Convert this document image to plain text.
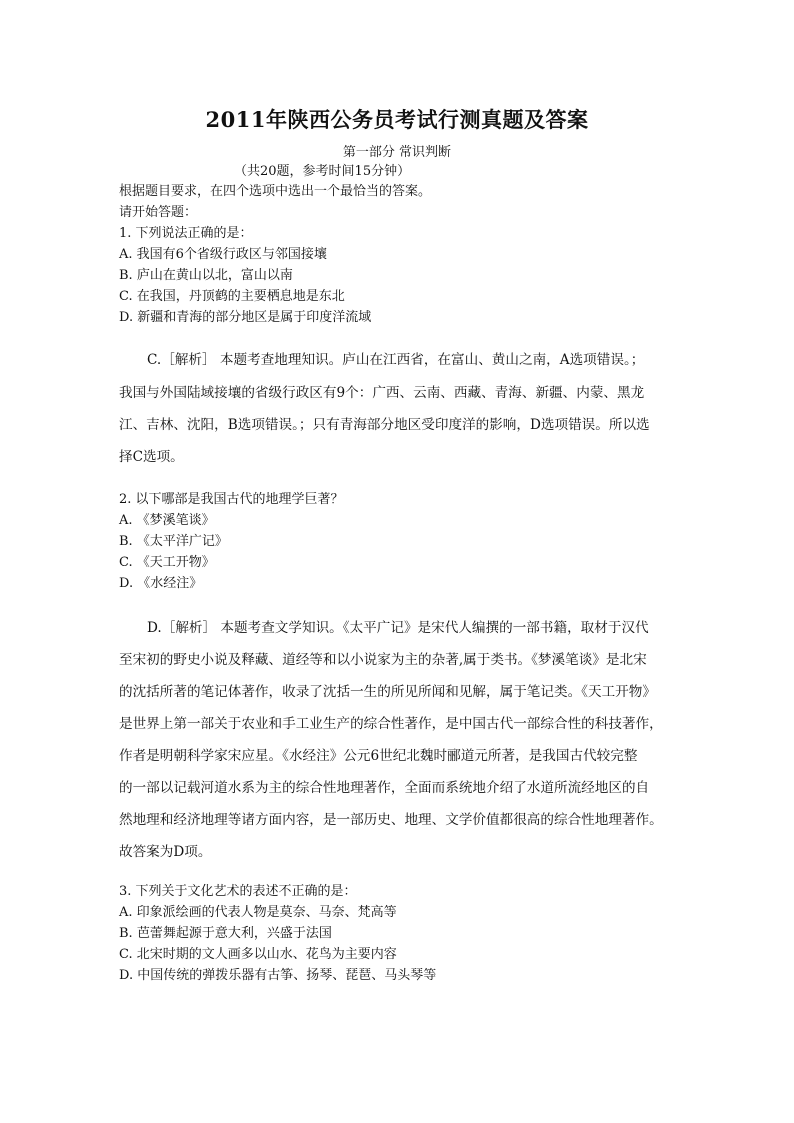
2011年陕西公务员考试行测真题及答案
第一部分 常识判断
（共20题，参考时间15分钟）
根据题目要求，在四个选项中选出一个最恰当的答案。
请开始答题：
1. 下列说法正确的是：
A. 我国有6个省级行政区与邻国接壤
B. 庐山在黄山以北，富山以南
C. 在我国，丹顶鹤的主要栖息地是东北
D. 新疆和青海的部分地区是属于印度洋流域
C.［解析］ 本题考查地理知识。庐山在江西省，在富山、黄山之南，A选项错误。；
我国与外国陆域接壤的省级行政区有9个：广西、云南、西藏、青海、新疆、内蒙、黑龙
江、吉林、沈阳，B选项错误。；只有青海部分地区受印度洋的影响，D选项错误。所以选
择C选项。
2. 以下哪部是我国古代的地理学巨著？
A. 《梦溪笔谈》
B. 《太平洋广记》
C. 《天工开物》
D. 《水经注》
D.［解析］ 本题考查文学知识。《太平广记》是宋代人编撰的一部书籍，取材于汉代
至宋初的野史小说及释藏、道经等和以小说家为主的杂著,属于类书。《梦溪笔谈》是北宋
的沈括所著的笔记体著作，收录了沈括一生的所见所闻和见解，属于笔记类。《天工开物》
是世界上第一部关于农业和手工业生产的综合性著作，是中国古代一部综合性的科技著作，
作者是明朝科学家宋应星。《水经注》公元6世纪北魏时郦道元所著，是我国古代较完整
的一部以记载河道水系为主的综合性地理著作，全面而系统地介绍了水道所流经地区的自
然地理和经济地理等诸方面内容，是一部历史、地理、文学价值都很高的综合性地理著作。
故答案为D项。
3. 下列关于文化艺术的表述不正确的是：
A. 印象派绘画的代表人物是莫奈、马奈、梵高等
B. 芭蕾舞起源于意大利，兴盛于法国
C. 北宋时期的文人画多以山水、花鸟为主要内容
D. 中国传统的弹拨乐器有古筝、扬琴、琵琶、马头琴等
